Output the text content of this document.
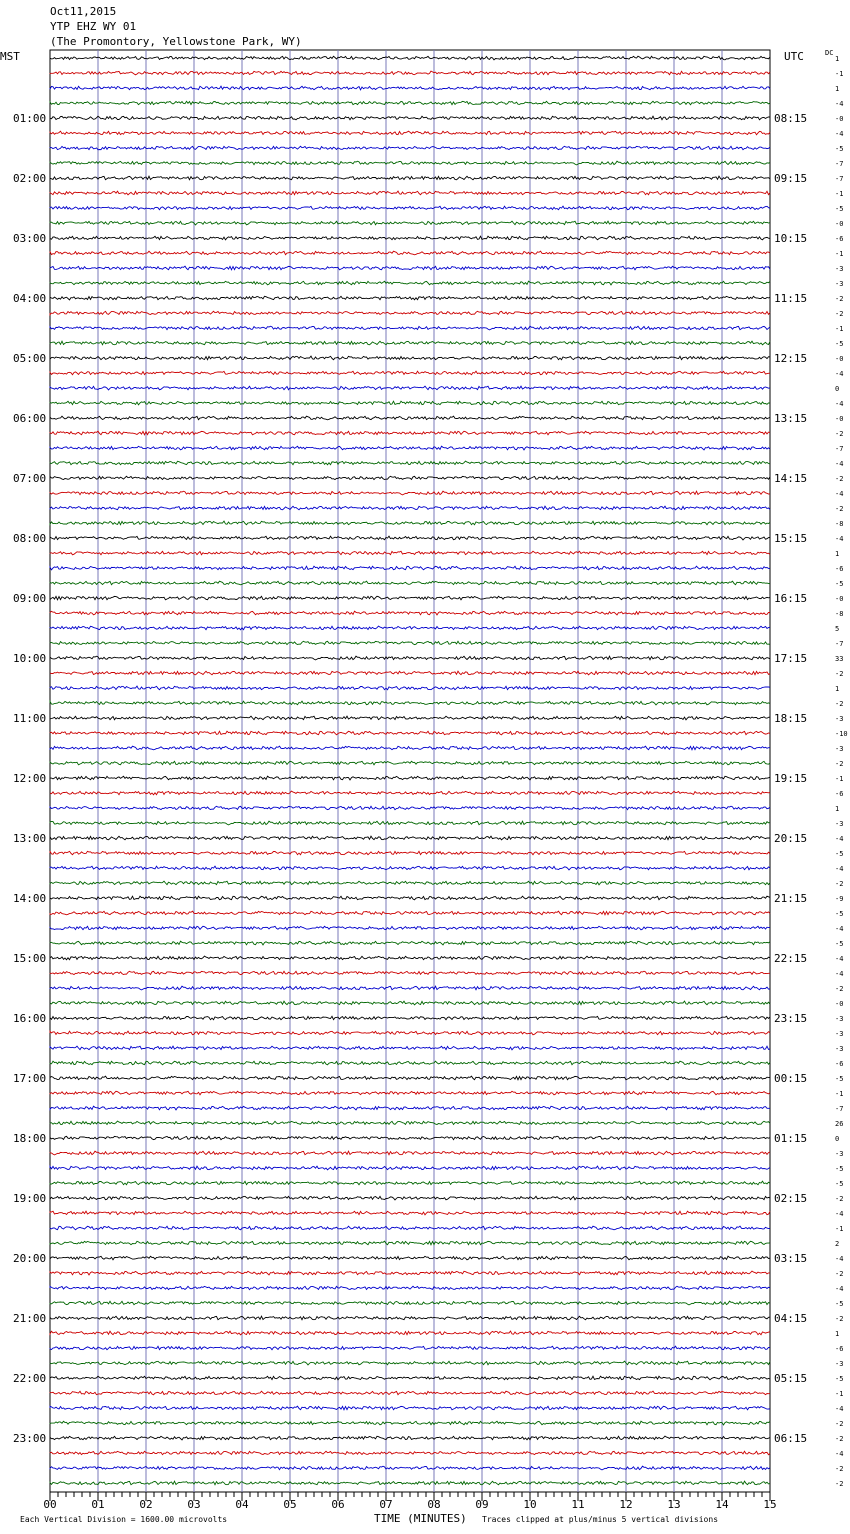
Oct11,2015
YTP EHZ WY 01
(The Promontory, Yellowstone Park, WY)
MST	UTC	DC
1
-1
1
-4
-0
-4
-5
-7
-7
-1
-5
-0
-6
-1
-3
-3
-2
-2
-1
-5
-0
-4
0
-4
-0
-2
-7
-4
-2
-4
-2
-8
-4
1
-6
-5
-0
-8
5
-7
33
-2
1
-2
-3
-10
-3
-2
-1
-6
1
-3
-4
-5
-4
-2
-9
-5
-4
-5
-4
-4
-2
-0
-3
-3
-3
-6
-5
-1
-7
26
0
-3
-5
-5
-2
-4
-1
2
-4
-2
-4
-5
-2
1
-6
-3
-5
-1
-4
-2
-2
-4
-2
-2
01:00	08:15
02:00	09:15
03:00	10:15
04:00	11:15
05:00	12:15
06:00	13:15
07:00	14:15
08:00	15:15
09:00	16:15
10:00	17:15
11:00	18:15
12:00	19:15
13:00	20:15
14:00	21:15
15:00	22:15
16:00	23:15
17:00	00:15
18:00	01:15
19:00	02:15
20:00	03:15
21:00	04:15
22:00	05:15
23:00	06:15
00	01	02	03	04	05	06	07	08	09	10	11	12	13	14	15
Each Vertical Division = 1600.00 microvolts	TIME (MINUTES) Traces clipped at plus/minus 5 vertical divisions
